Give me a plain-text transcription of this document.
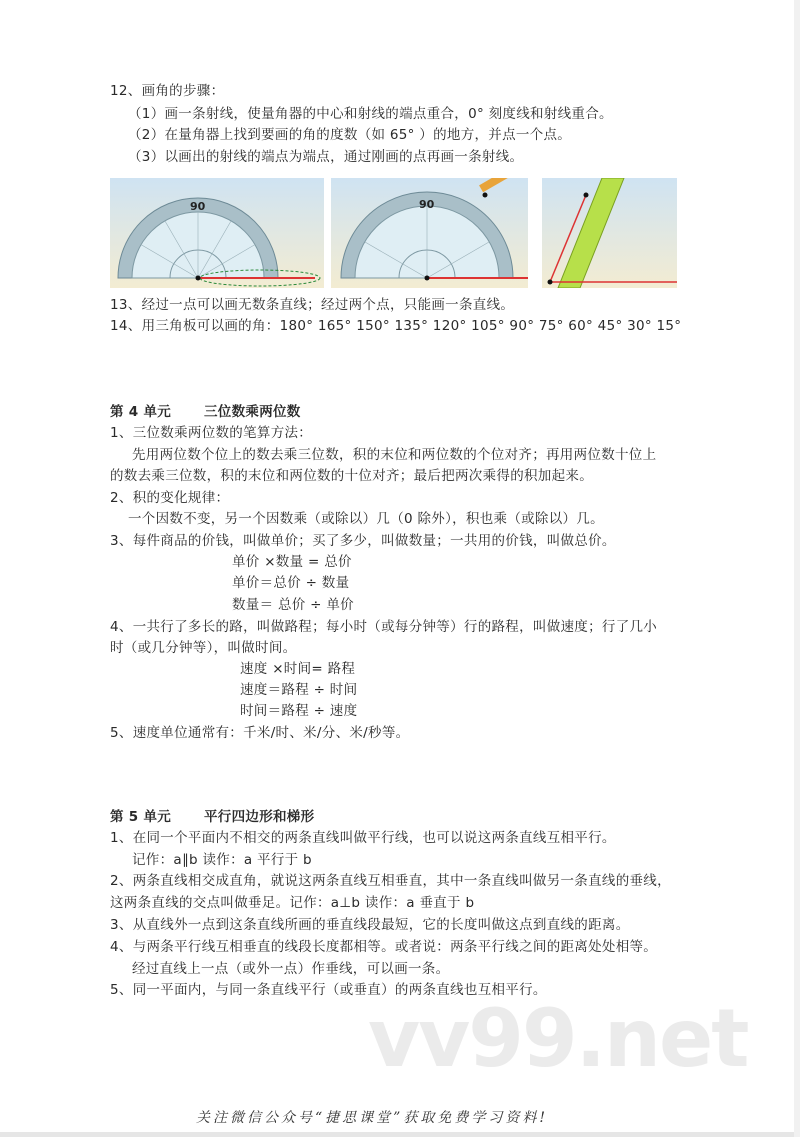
12、画角的步骤：
（1）画一条射线，使量角器的中心和射线的端点重合，0° 刻度线和射线重合。
（2）在量角器上找到要画的角的度数（如 65° ）的地方，并点一个点。
（3）以画出的射线的端点为端点，通过刚画的点再画一条射线。
90	90
13、经过一点可以画无数条直线；经过两个点，只能画一条直线。
14、用三角板可以画的角：180° 165° 150° 135° 120° 105° 90° 75° 60° 45° 30° 15°
第 4 单元 三位数乘两位数
1、三位数乘两位数的笔算方法：
先用两位数个位上的数去乘三位数，积的末位和两位数的个位对齐；再用两位数十位上
的数去乘三位数，积的末位和两位数的十位对齐；最后把两次乘得的积加起来。
2、积的变化规律：
一个因数不变，另一个因数乘（或除以）几（0 除外），积也乘（或除以）几。
3、每件商品的价钱，叫做单价；买了多少，叫做数量；一共用的价钱，叫做总价。
单价 ×数量 = 总价
单价＝总价 ÷ 数量
数量＝ 总价 ÷ 单价
4、一共行了多长的路，叫做路程；每小时（或每分钟等）行的路程，叫做速度；行了几小
时（或几分钟等），叫做时间。
速度 ×时间= 路程
速度＝路程 ÷ 时间
时间＝路程 ÷ 速度
5、速度单位通常有：千米/时、米/分、米/秒等。
第 5 单元 平行四边形和梯形
1、在同一个平面内不相交的两条直线叫做平行线，也可以说这两条直线互相平行。
记作：a∥b 读作：a 平行于 b
2、两条直线相交成直角，就说这两条直线互相垂直，其中一条直线叫做另一条直线的垂线，
这两条直线的交点叫做垂足。记作：a⊥b 读作：a 垂直于 b
3、从直线外一点到这条直线所画的垂直线段最短，它的长度叫做这点到直线的距离。
4、与两条平行线互相垂直的线段长度都相等。或者说：两条平行线之间的距离处处相等。
经过直线上一点（或外一点）作垂线，可以画一条。
5、同一平面内，与同一条直线平行（或垂直）的两条直线也互相平行。
vv99.net
关注微信公众号“捷思课堂”获取免费学习资料!
